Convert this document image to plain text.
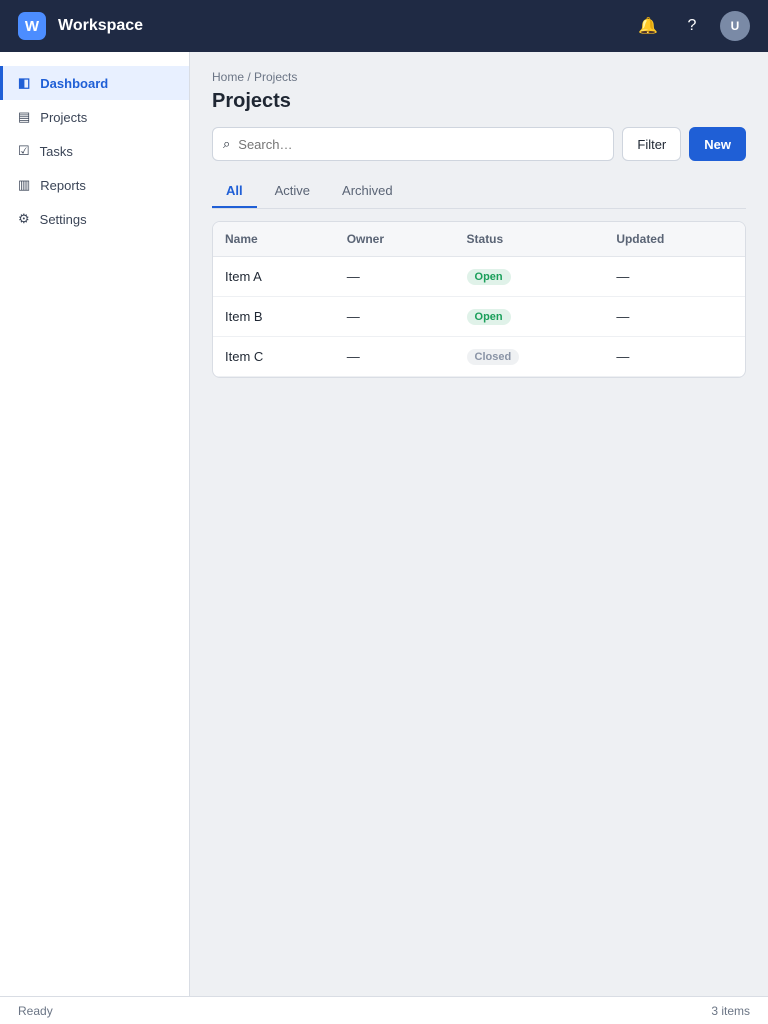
W	Workspace	🔔	?	U
◧ Dashboard
▤ Projects
☑ Tasks
▥ Reports
⚙ Settings
Home / Projects
Projects
⌕
Search…	Filter	New
All	Active	Archived
Name	Owner	Status	Updated
Item A	—	Open	—
Item B	—	Open	—
Item C	—	Closed	—
Ready	3 items
